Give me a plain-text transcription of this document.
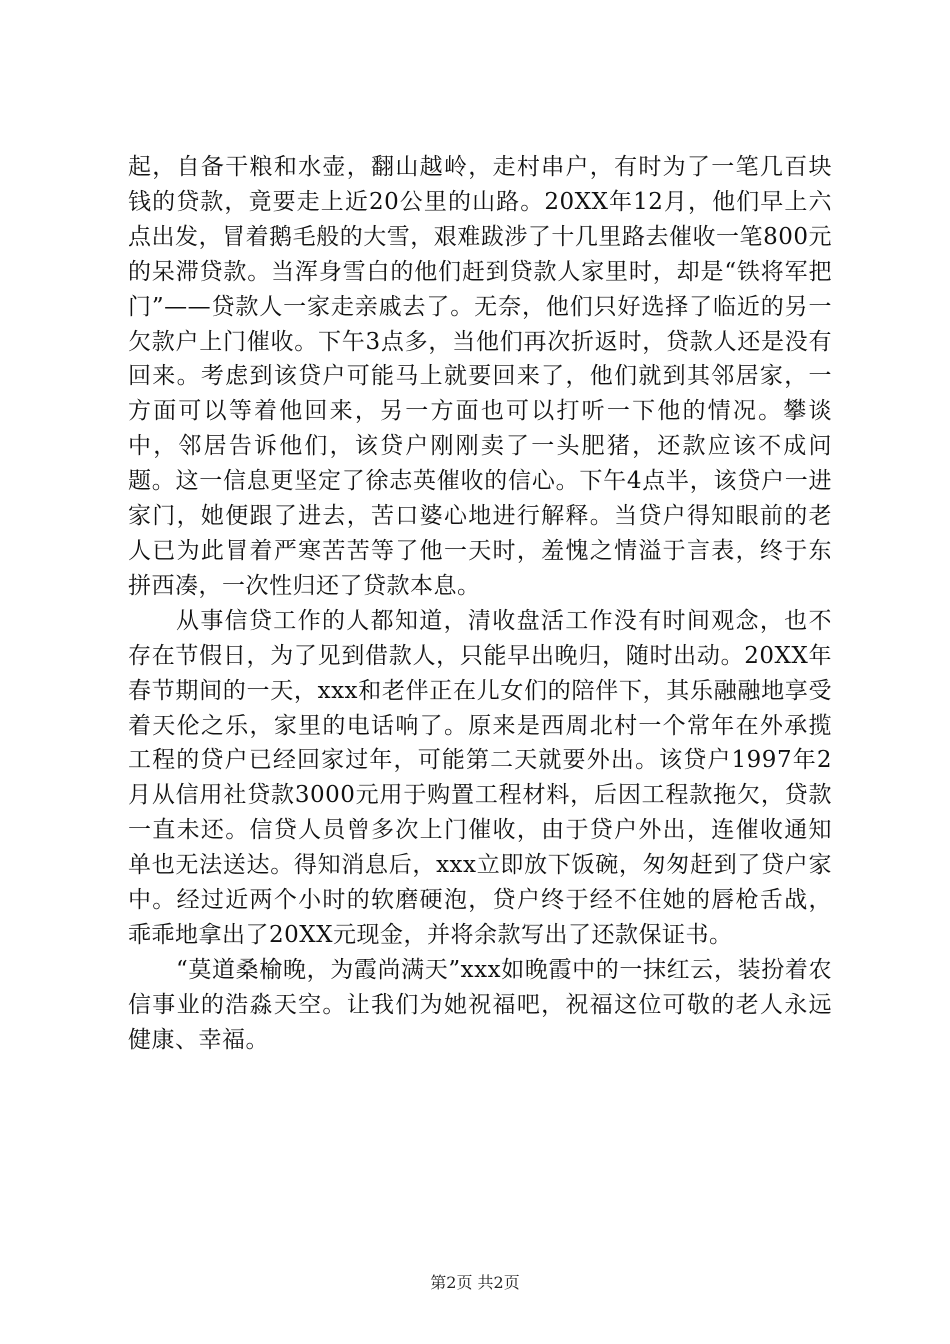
起，自备干粮和水壶，翻山越岭，走村串户，有时为了一笔几百块钱的贷款，竟要走上近20公里的山路。20XX年12月，他们早上六点出发，冒着鹅毛般的大雪，艰难跋涉了十几里路去催收一笔800元的呆滞贷款。当浑身雪白的他们赶到贷款人家里时，却是“铁将军把门”——贷款人一家走亲戚去了。无奈，他们只好选择了临近的另一欠款户上门催收。下午3点多，当他们再次折返时，贷款人还是没有回来。考虑到该贷户可能马上就要回来了，他们就到其邻居家，一方面可以等着他回来，另一方面也可以打听一下他的情况。攀谈中，邻居告诉他们，该贷户刚刚卖了一头肥猪，还款应该不成问题。这一信息更坚定了徐志英催收的信心。下午4点半，该贷户一进家门，她便跟了进去，苦口婆心地进行解释。当贷户得知眼前的老人已为此冒着严寒苦苦等了他一天时，羞愧之情溢于言表，终于东拼西凑，一次性归还了贷款本息。

从事信贷工作的人都知道，清收盘活工作没有时间观念，也不存在节假日，为了见到借款人，只能早出晚归，随时出动。20XX年春节期间的一天，xxx和老伴正在儿女们的陪伴下，其乐融融地享受着天伦之乐，家里的电话响了。原来是西周北村一个常年在外承揽工程的贷户已经回家过年，可能第二天就要外出。该贷户1997年2月从信用社贷款3000元用于购置工程材料，后因工程款拖欠，贷款一直未还。信贷人员曾多次上门催收，由于贷户外出，连催收通知单也无法送达。得知消息后，xxx立即放下饭碗，匆匆赶到了贷户家中。经过近两个小时的软磨硬泡，贷户终于经不住她的唇枪舌战，乖乖地拿出了20XX元现金，并将余款写出了还款保证书。

“莫道桑榆晚，为霞尚满天”xxx如晚霞中的一抹红云，装扮着农信事业的浩淼天空。让我们为她祝福吧，祝福这位可敬的老人永远健康、幸福。

第2页 共2页
